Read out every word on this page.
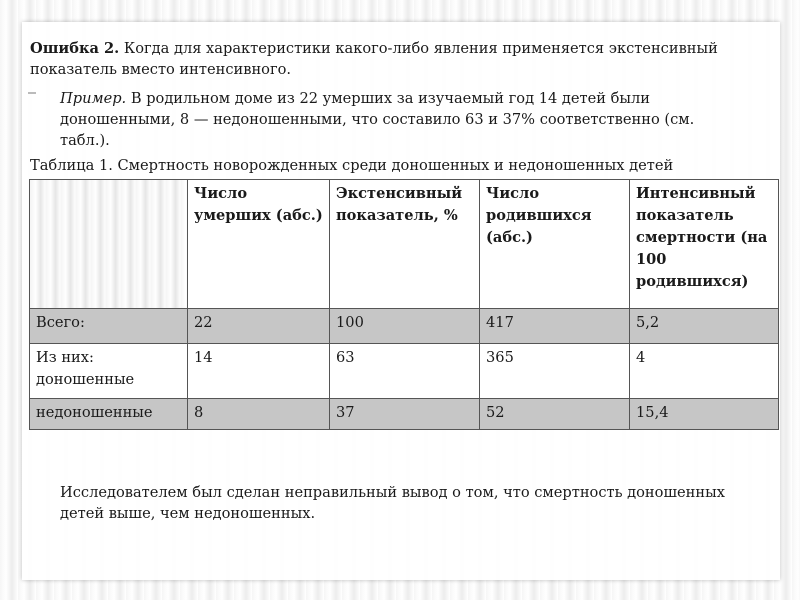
Ошибка 2. Когда для характеристики какого-либо явления применяется экстенсивный показатель вместо интенсивного.

Пример. В родильном доме из 22 умерших за изучаемый год 14 детей были доношенными, 8 — недоношенными, что составило 63 и 37% соответственно (см. табл.).

Таблица 1. Смертность новорожденных среди доношенных и недоношенных детей

	Число умерших (абс.)	Экстенсивный показатель, %	Число родившихся (абс.)	Интенсивный показатель смертности (на 100 родившихся)
Всего:	22	100	417	5,2
Из них: доношенные	14	63	365	4
недоношенные	8	37	52	15,4

Исследователем был сделан неправильный вывод о том, что смертность доношенных детей выше, чем недоношенных.
